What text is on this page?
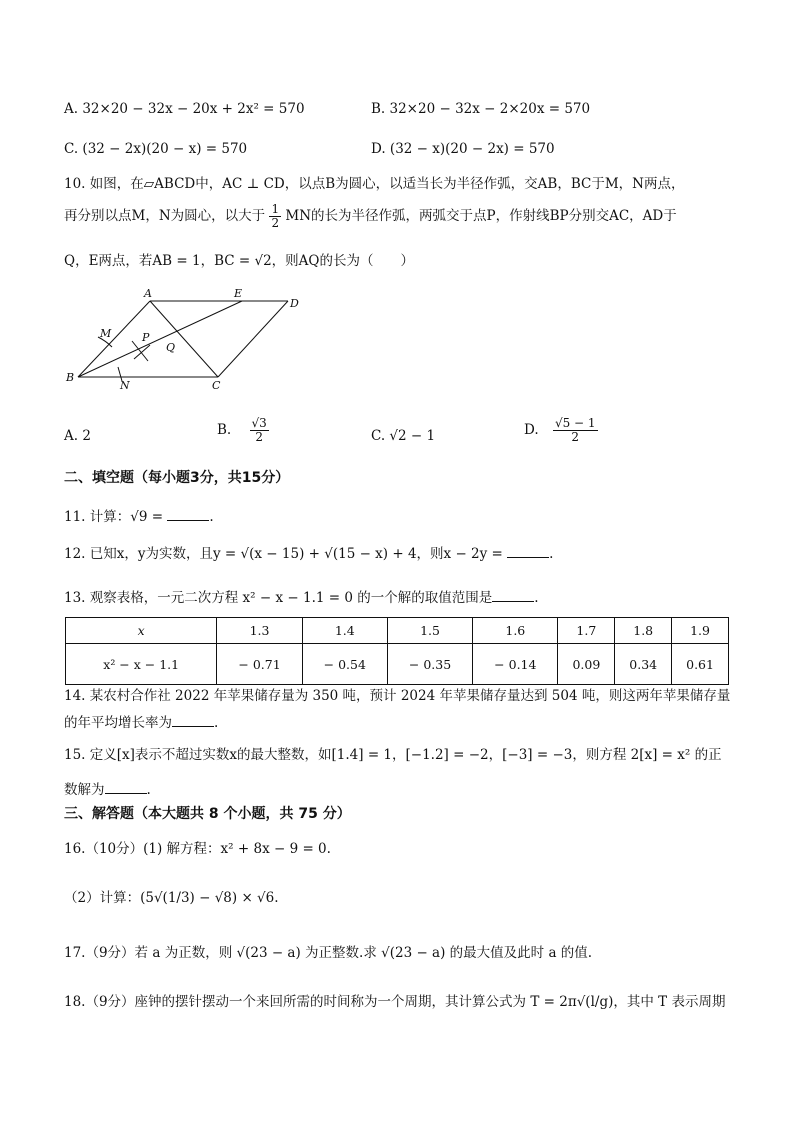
A. 32×20 − 32x − 20x + 2x² = 570	B. 32×20 − 32x − 2×20x = 570
C. (32 − 2x)(20 − x) = 570	D. (32 − x)(20 − 2x) = 570
10. 如图，在▱ABCD中，AC ⊥ CD，以点B为圆心，以适当长为半径作弧，交AB，BC于M，N两点，
再分别以点M，N为圆心，以大于 $\frac{1}{2}$ MN的长为半径作弧，两弧交于点P，作射线BP分别交AC，AD于
Q，E两点，若AB = 1，BC = √2，则AQ的长为（　　）
A	E
D
M	P
Q
B
N	C
A. 2	B. $\frac{√3}{2}$	C. √2 − 1	D. $\frac{√5 - 1}{2}$
二、填空题（每小题3分，共15分）
11. 计算：√9 =	.
12. 已知x，y为实数，且y = √(x − 15) + √(15 − x) + 4，则x − 2y =	.
13. 观察表格，一元二次方程 x² − x − 1.1 = 0 的一个解的取值范围是	.
x	1.3	1.4	1.5	1.6	1.7	1.8	1.9
x² − x − 1.1	− 0.71	− 0.54	− 0.35	− 0.14	0.09	0.34	0.61
14. 某农村合作社 2022 年苹果储存量为 350 吨，预计 2024 年苹果储存量达到 504 吨，则这两年苹果储存量
的年平均增长率为	.
15. 定义[x]表示不超过实数x的最大整数，如[1.4] = 1，[−1.2] = −2，[−3] = −3，则方程 2[x] = x² 的正
数解为	.
三、解答题（本大题共 8 个小题，共 75 分）
16.（10分）(1) 解方程：x² + 8x − 9 = 0.
（2）计算：(5√(1/3) − √8) × √6.
17.（9分）若 a 为正数，则 √(23 − a) 为正整数.求 √(23 − a) 的最大值及此时 a 的值.
18.（9分）座钟的摆针摆动一个来回所需的时间称为一个周期，其计算公式为 T = 2π√(l/g)，其中 T 表示周期
